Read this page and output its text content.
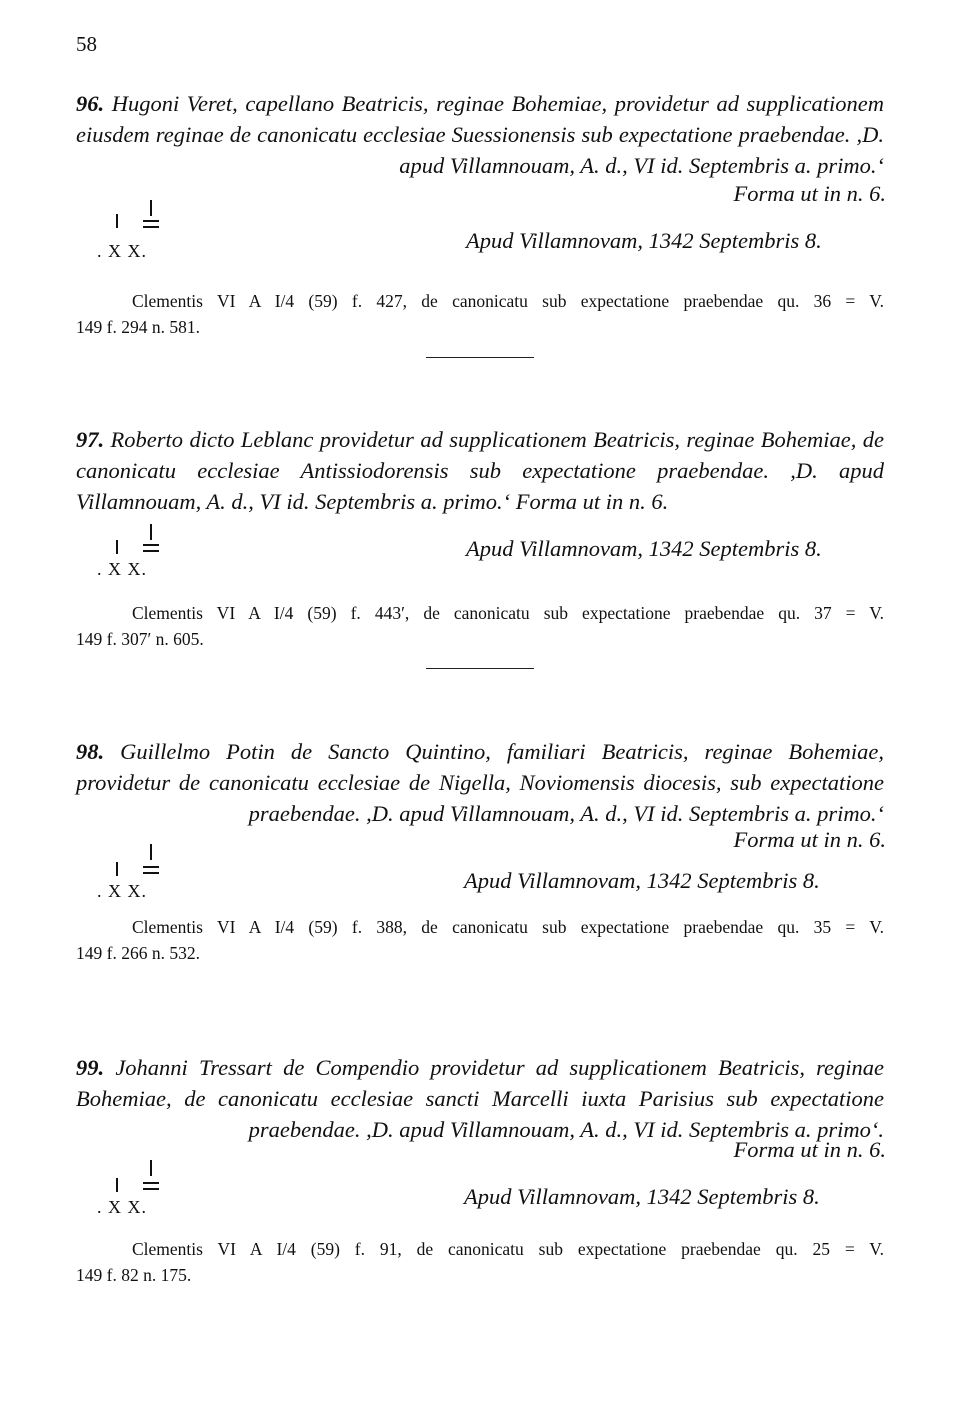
58
96. Hugoni Veret, capellano Beatricis, reginae Bohemiae, providetur ad supplicationem eiusdem reginae de canonicatu ecclesiae Suessionensis sub expectatione praebendae. ,D. apud Villamnouam, A. d., VI id. Septembris a. primo.‘
Forma ut in n. 6.
. X X.	Apud Villamnovam, 1342 Septembris 8.
Clementis VI A I/4 (59) f. 427, de canonicatu sub expectatione praebendae qu. 36 = V.
149 f. 294 n. 581.
97. Roberto dicto Leblanc providetur ad supplicationem Beatricis, reginae Bohemiae, de canonicatu ecclesiae Antissiodorensis sub expectatione praebendae. ,D. apud Villamnouam, A. d., VI id. Septembris a. primo.‘ Forma ut in n. 6.
. X X.
Apud Villamnovam, 1342 Septembris 8.
Clementis VI A I/4 (59) f. 443′, de canonicatu sub expectatione praebendae qu. 37 = V.
149 f. 307′ n. 605.
98. Guillelmo Potin de Sancto Quintino, familiari Beatricis, reginae Bohemiae, providetur de canonicatu ecclesiae de Nigella, Noviomensis diocesis, sub expectatione praebendae. ,D. apud Villamnouam, A. d., VI id. Septembris a. primo.‘
Forma ut in n. 6.
. X X.	Apud Villamnovam, 1342 Septembris 8.
Clementis VI A I/4 (59) f. 388, de canonicatu sub expectatione praebendae qu. 35 = V.
149 f. 266 n. 532.
99. Johanni Tressart de Compendio providetur ad supplicationem Beatricis, reginae Bohemiae, de canonicatu ecclesiae sancti Marcelli iuxta Parisius sub expectatione praebendae. ,D. apud Villamnouam, A. d., VI id. Septembris a. primo‘.
Forma ut in n. 6.
. X X.	Apud Villamnovam, 1342 Septembris 8.
Clementis VI A I/4 (59) f. 91, de canonicatu sub expectatione praebendae qu. 25 = V.
149 f. 82 n. 175.
